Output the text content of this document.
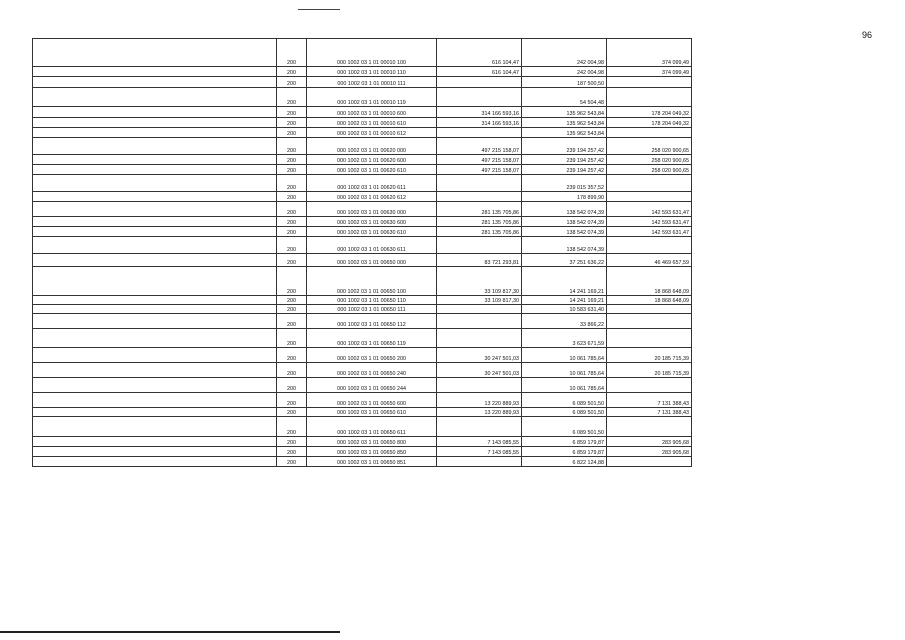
96
	200	000 1002 03 1 01 00010 100	616 104,47	242 004,98	374 099,49
	200	000 1002 03 1 01 00010 110	616 104,47	242 004,98	374 099,49
	200	000 1002 03 1 01 00010 111		187 500,50	
	200	000 1002 03 1 01 00010 119		54 504,48	
	200	000 1002 03 1 01 00010 600	314 166 593,16	135 962 543,84	178 204 049,32
	200	000 1002 03 1 01 00010 610	314 166 593,16	135 962 543,84	178 204 049,32
	200	000 1002 03 1 01 00010 612		135 962 543,84	
	200	000 1002 03 1 01 00620 000	497 215 158,07	239 194 257,42	258 020 900,65
	200	000 1002 03 1 01 00620 600	497 215 158,07	239 194 257,42	258 020 900,65
	200	000 1002 03 1 01 00620 610	497 215 158,07	239 194 257,42	258 020 900,65
	200	000 1002 03 1 01 00620 611		239 015 357,52	
	200	000 1002 03 1 01 00620 612		178 899,90	
	200	000 1002 03 1 01 00630 000	281 135 705,86	138 542 074,39	142 593 631,47
	200	000 1002 03 1 01 00630 600	281 135 705,86	138 542 074,39	142 593 631,47
	200	000 1002 03 1 01 00630 610	281 135 705,86	138 542 074,39	142 593 631,47
	200	000 1002 03 1 01 00630 611		138 542 074,39	
	200	000 1002 03 1 01 00650 000	83 721 293,81	37 251 636,22	46 469 657,59
	200	000 1002 03 1 01 00650 100	33 109 817,30	14 241 169,21	18 868 648,09
	200	000 1002 03 1 01 00650 110	33 109 817,30	14 241 169,21	18 868 648,09
	200	000 1002 03 1 01 00650 111		10 583 631,40	
	200	000 1002 03 1 01 00650 112		33 866,22	
	200	000 1002 03 1 01 00650 119		3 623 671,59	
	200	000 1002 03 1 01 00650 200	30 247 501,03	10 061 785,64	20 185 715,39
	200	000 1002 03 1 01 00650 240	30 247 501,03	10 061 785,64	20 185 715,39
	200	000 1002 03 1 01 00650 244		10 061 785,64	
	200	000 1002 03 1 01 00650 600	13 220 889,93	6 089 501,50	7 131 388,43
	200	000 1002 03 1 01 00650 610	13 220 889,93	6 089 501,50	7 131 388,43
	200	000 1002 03 1 01 00650 611		6 089 501,50	
	200	000 1002 03 1 01 00650 800	7 143 085,55	6 859 179,87	283 905,68
	200	000 1002 03 1 01 00650 850	7 143 085,55	6 859 179,87	283 905,68
	200	000 1002 03 1 01 00650 851		6 822 124,88	
